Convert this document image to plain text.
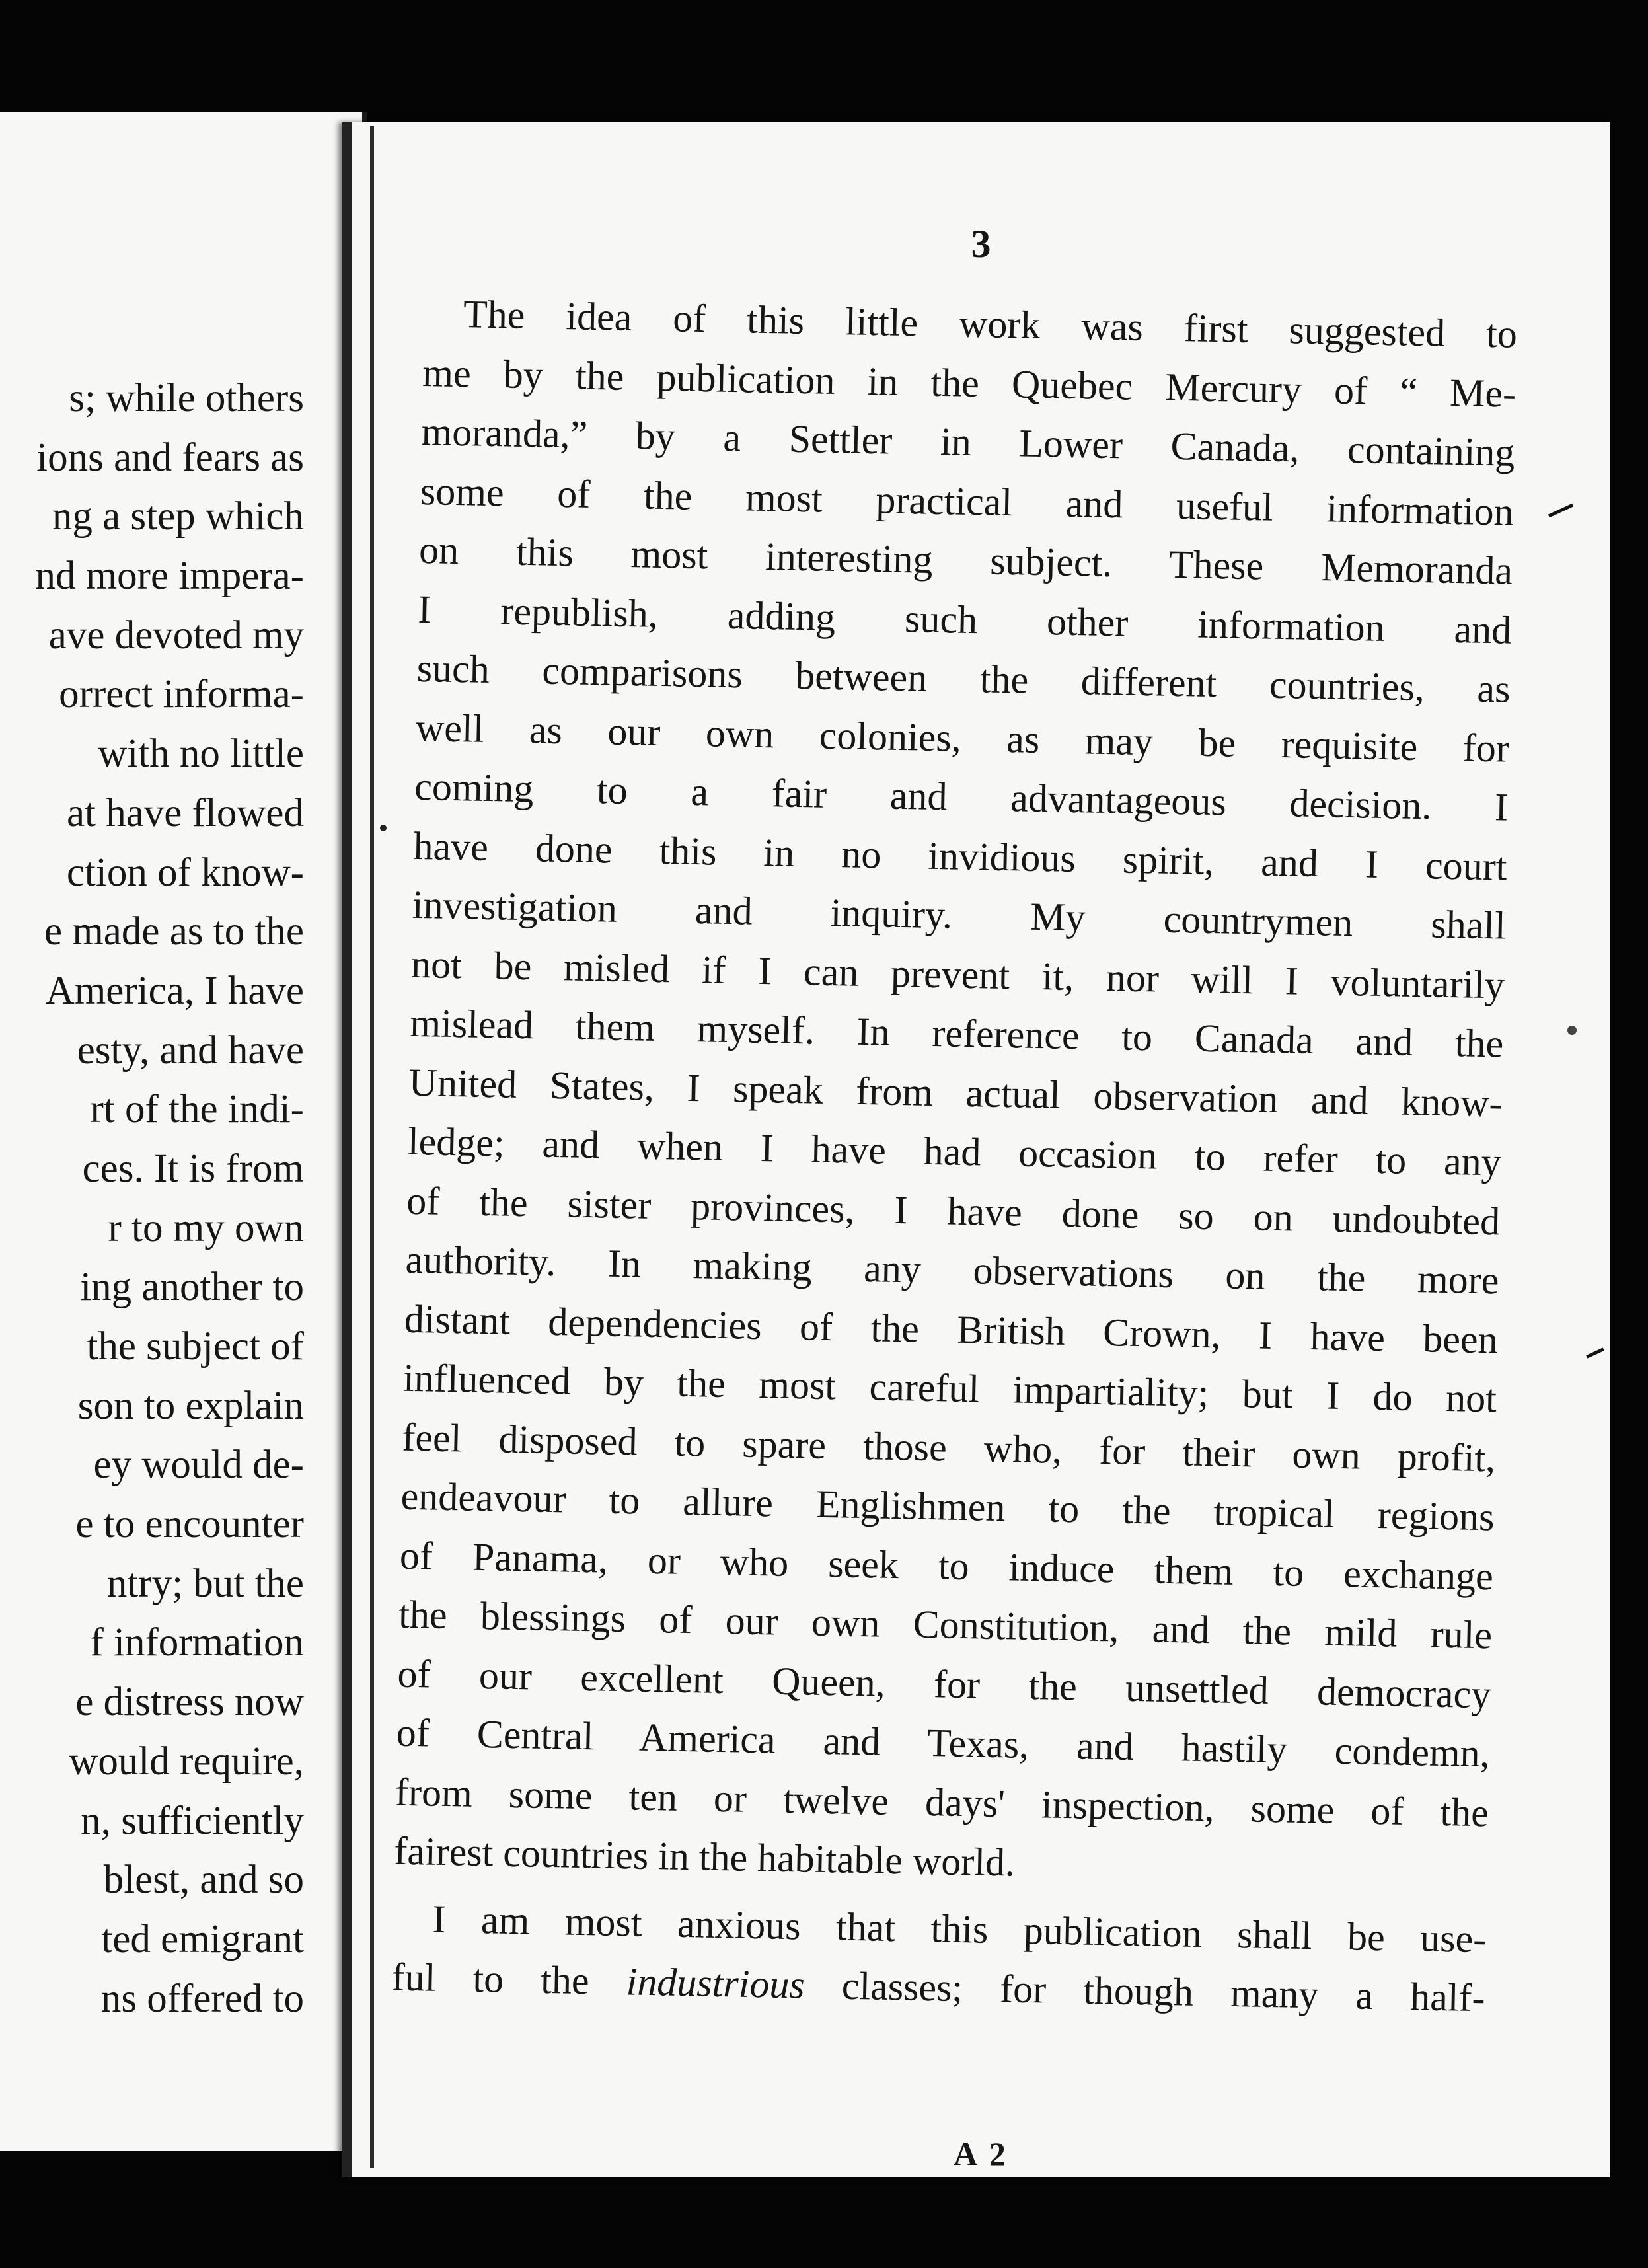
s; while others
ions and fears as
ng a step which
nd more impera-
ave devoted my
orrect informa-
with no little
at have flowed
ction of know-
e made as to the
America, I have
esty, and have
rt of the indi-
ces. It is from
r to my own
ing another to
the subject of
son to explain
ey would de-
e to encounter
ntry; but the
f information
e distress now
would require,
n, sufficiently
blest, and so
ted emigrant
ns offered to
3
The idea of this little work was first suggested to
me by the publication in the Quebec Mercury of “ Me-
moranda,” by a Settler in Lower Canada, containing
some of the most practical and useful information
on this most interesting subject. These Memoranda
I republish, adding such other information and
such comparisons between the different countries, as
well as our own colonies, as may be requisite for
coming to a fair and advantageous decision. I
have done this in no invidious spirit, and I court
investigation and inquiry. My countrymen shall
not be misled if I can prevent it, nor will I voluntarily
mislead them myself. In reference to Canada and the
United States, I speak from actual observation and know-
ledge; and when I have had occasion to refer to any
of the sister provinces, I have done so on undoubted
authority. In making any observations on the more
distant dependencies of the British Crown, I have been
influenced by the most careful impartiality; but I do not
feel disposed to spare those who, for their own profit,
endeavour to allure Englishmen to the tropical regions
of Panama, or who seek to induce them to exchange
the blessings of our own Constitution, and the mild rule
of our excellent Queen, for the unsettled democracy
of Central America and Texas, and hastily condemn,
from some ten or twelve days' inspection, some of the
fairest countries in the habitable world.
I am most anxious that this publication shall be use-
ful to the industrious classes; for though many a half-
A 2
